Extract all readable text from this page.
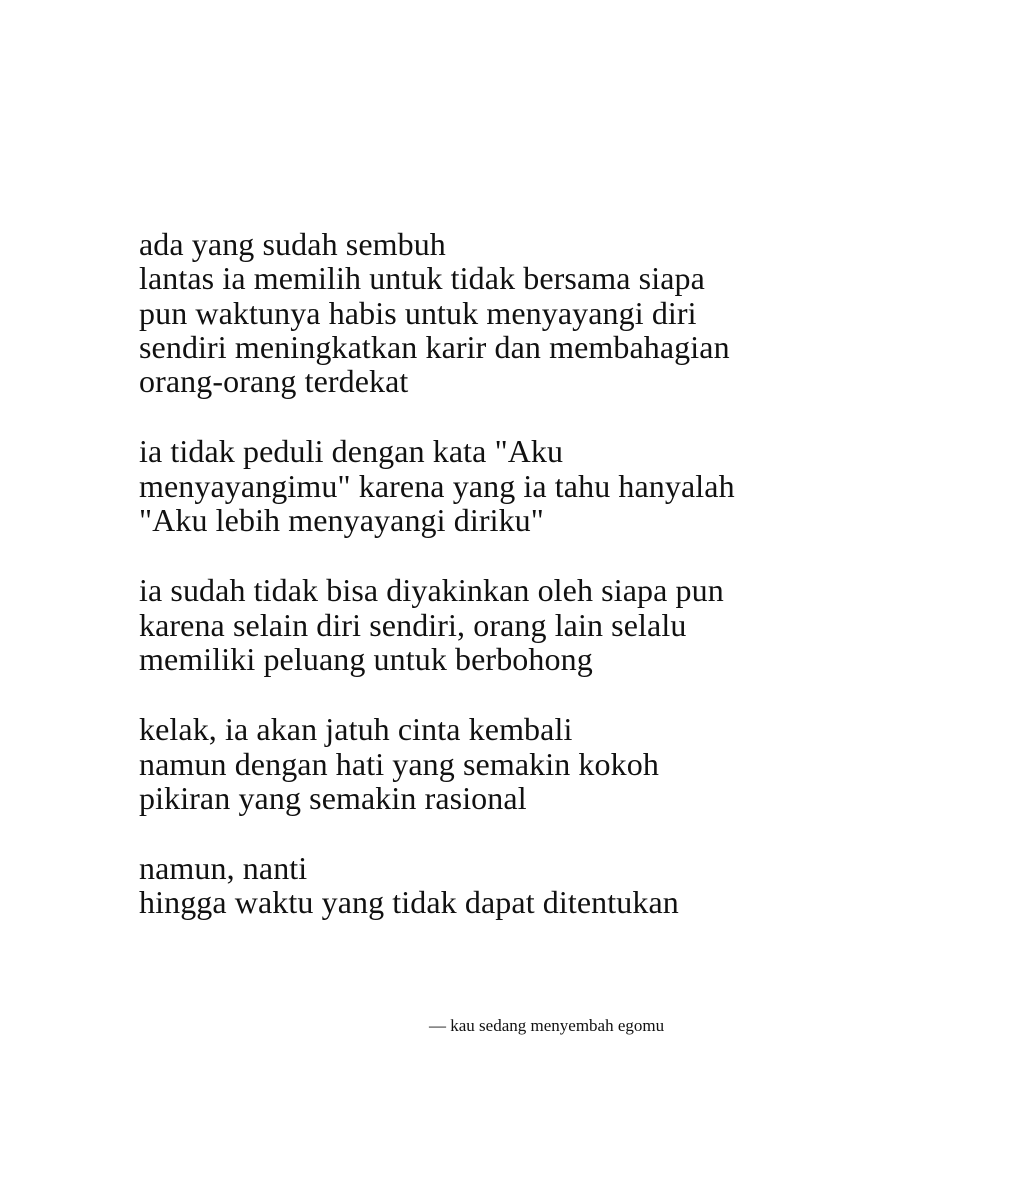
ada yang sudah sembuh
lantas ia memilih untuk tidak bersama siapa
pun waktunya habis untuk menyayangi diri
sendiri meningkatkan karir dan membahagian
orang-orang terdekat
ia tidak peduli dengan kata "Aku
menyayangimu" karena yang ia tahu hanyalah
"Aku lebih menyayangi diriku"
ia sudah tidak bisa diyakinkan oleh siapa pun
karena selain diri sendiri, orang lain selalu
memiliki peluang untuk berbohong
kelak, ia akan jatuh cinta kembali
namun dengan hati yang semakin kokoh
pikiran yang semakin rasional
namun, nanti
hingga waktu yang tidak dapat ditentukan
— kau sedang menyembah egomu
